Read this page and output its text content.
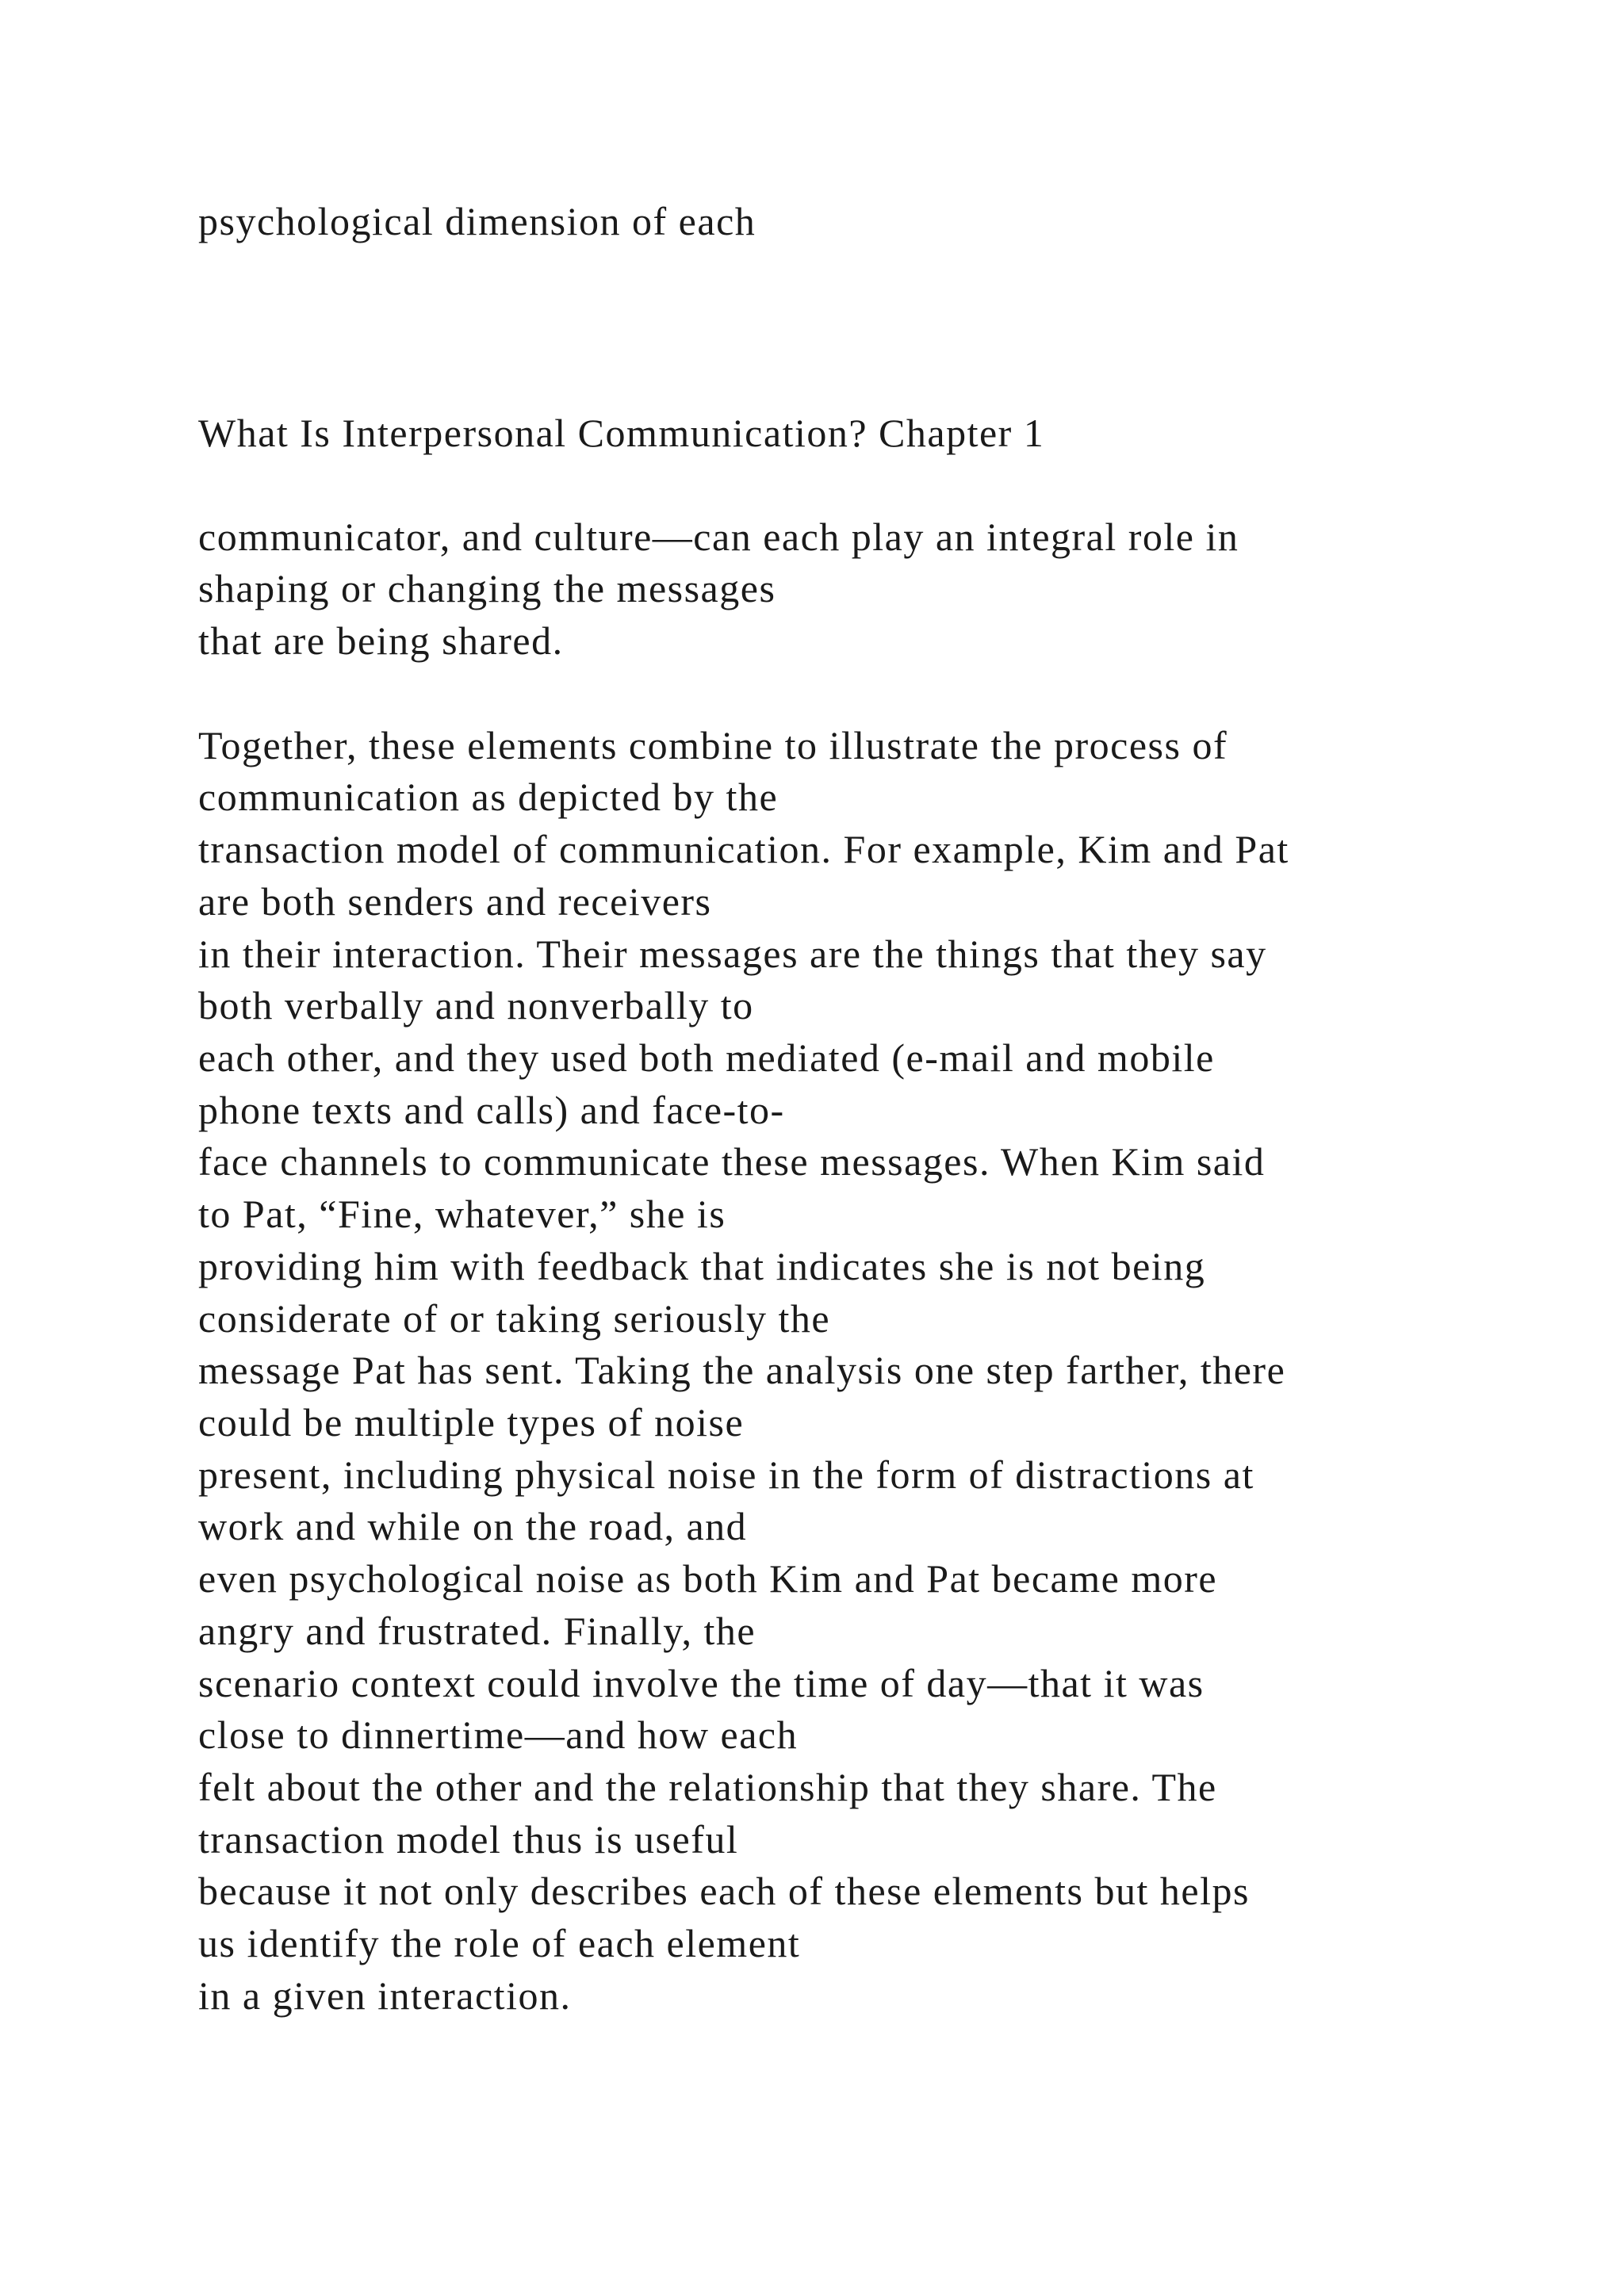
psychological dimension of each
What Is Interpersonal Communication? Chapter 1
communicator, and culture—can each play an integral role in
shaping or changing the messages
that are being shared.
Together, these elements combine to illustrate the process of
communication as depicted by the
transaction model of communication. For example, Kim and Pat
are both senders and receivers
in their interaction. Their messages are the things that they say
both verbally and nonverbally to
each other, and they used both mediated (e-mail and mobile
phone texts and calls) and face-to-
face channels to communicate these messages. When Kim said
to Pat, “Fine, whatever,” she is
providing him with feedback that indicates she is not being
considerate of or taking seriously the
message Pat has sent. Taking the analysis one step farther, there
could be multiple types of noise
present, including physical noise in the form of distractions at
work and while on the road, and
even psychological noise as both Kim and Pat became more
angry and frustrated. Finally, the
scenario context could involve the time of day—that it was
close to dinnertime—and how each
felt about the other and the relationship that they share. The
transaction model thus is useful
because it not only describes each of these elements but helps
us identify the role of each element
in a given interaction.
